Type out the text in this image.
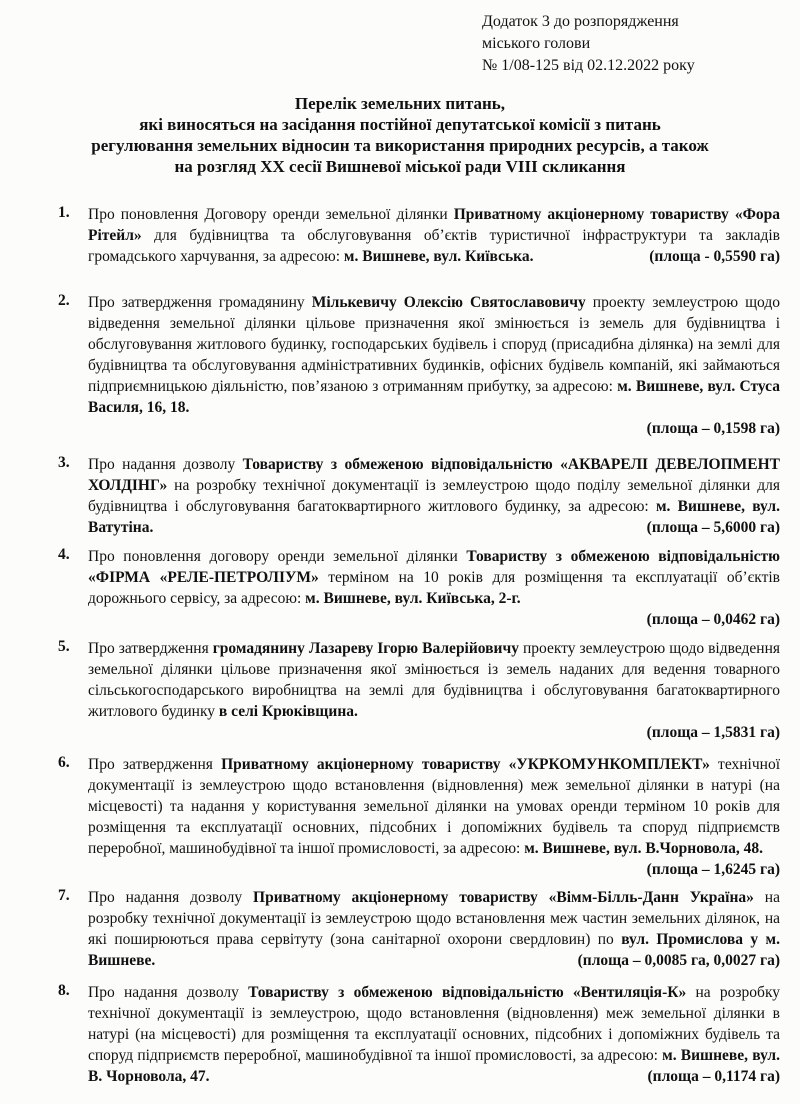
Додаток 3 до розпорядження
міського голови
№ 1/08-125 від 02.12.2022 року
Перелік земельних питань,
які виносяться на засідання постійної депутатської комісії з питань
регулювання земельних відносин та використання природних ресурсів, а також
на розгляд XX сесії Вишневої міської ради VIII скликання
1.	Про поновлення Договору оренди земельної ділянки Приватному акціонерному товариству «Фора Рітейл» для будівництва та обслуговування об’єктів туристичної інфраструктури та закладів громадського харчування, за адресою: м. Вишневе, вул. Київська.	(площа - 0,5590 га)
2.	Про затвердження громадянину Мількевичу Олексію Святославовичу проекту землеустрою щодо відведення земельної ділянки цільове призначення якої змінюється із земель для будівництва і обслуговування житлового будинку, господарських будівель і споруд (присадибна ділянка) на землі для будівництва та обслуговування адміністративних будинків, офісних будівель компаній, які займаються підприємницькою діяльністю, пов’язаною з отриманням прибутку, за адресою: м. Вишневе, вул. Стуса Василя, 16, 18.
(площа – 0,1598 га)
3.	Про надання дозволу Товариству з обмеженою відповідальністю «АКВАРЕЛІ ДЕВЕЛОПМЕНТ ХОЛДІНГ» на розробку технічної документації із землеустрою щодо поділу земельної ділянки для будівництва і обслуговування багатоквартирного житлового будинку, за адресою: м. Вишневе, вул. Ватутіна.	(площа – 5,6000 га)
4.	Про поновлення договору оренди земельної ділянки Товариству з обмеженою відповідальністю «ФІРМА «РЕЛЕ-ПЕТРОЛІУМ» терміном на 10 років для розміщення та експлуатації об’єктів дорожнього сервісу, за адресою: м. Вишневе, вул. Київська, 2-г.
(площа – 0,0462 га)
5.	Про затвердження громадянину Лазареву Ігорю Валерійовичу проекту землеустрою щодо відведення земельної ділянки цільове призначення якої змінюється із земель наданих для ведення товарного сільськогосподарського виробництва на землі для будівництва і обслуговування багатоквартирного житлового будинку в селі Крюківщина.
(площа – 1,5831 га)
6.	Про затвердження Приватному акціонерному товариству «УКРКОМУНКОМПЛЕКТ» технічної документації із землеустрою щодо встановлення (відновлення) меж земельної ділянки в натурі (на місцевості) та надання у користування земельної ділянки на умовах оренди терміном 10 років для розміщення та експлуатації основних, підсобних і допоміжних будівель та споруд підприємств переробної, машинобудівної та іншої промисловості, за адресою: м. Вишневе, вул. В.Чорновола, 48.
(площа – 1,6245 га)
7.	Про надання дозволу Приватному акціонерному товариству «Вімм-Білль-Данн Україна» на розробку технічної документації із землеустрою щодо встановлення меж частин земельних ділянок, на які поширюються права сервітуту (зона санітарної охорони свердловин) по вул. Промислова у м. Вишневе.	(площа – 0,0085 га, 0,0027 га)
8.	Про надання дозволу Товариству з обмеженою відповідальністю «Вентиляція-К» на розробку технічної документації із землеустрою, щодо встановлення (відновлення) меж земельної ділянки в натурі (на місцевості) для розміщення та експлуатації основних, підсобних і допоміжних будівель та споруд підприємств переробної, машинобудівної та іншої промисловості, за адресою: м. Вишневе, вул. В. Чорновола, 47.	(площа – 0,1174 га)
